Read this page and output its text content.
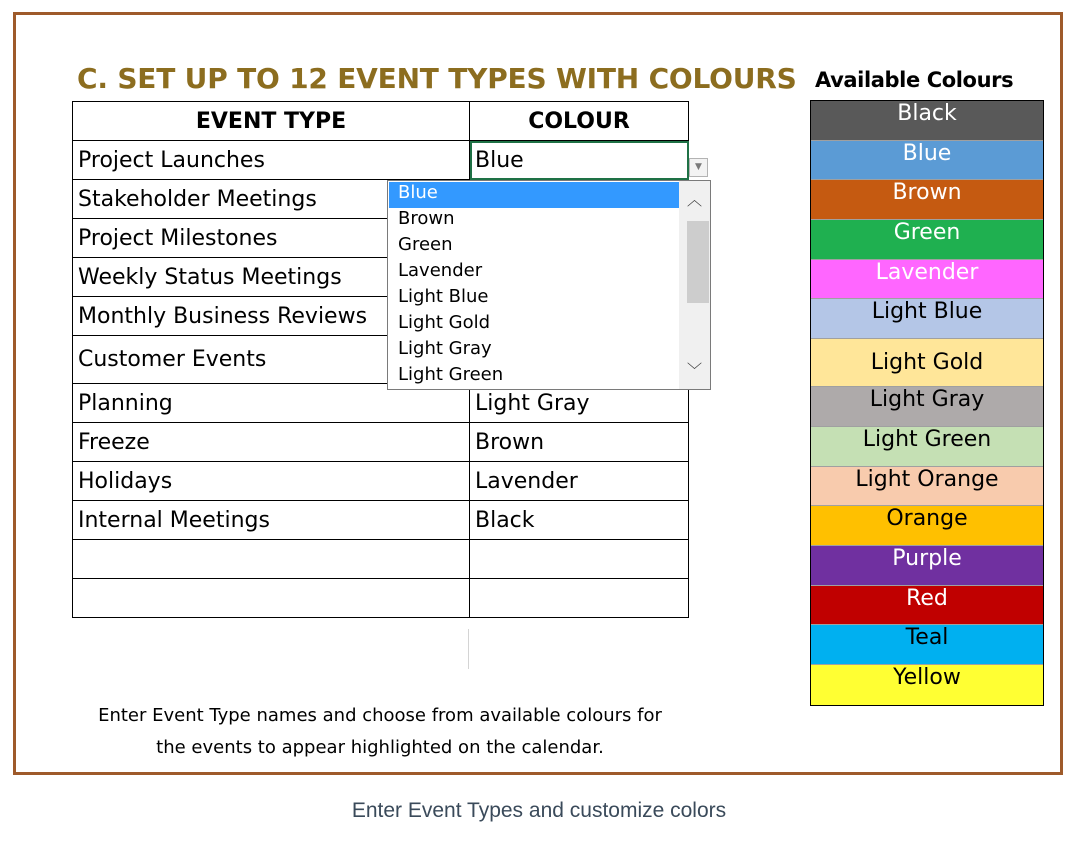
C. SET UP TO 12 EVENT TYPES WITH COLOURS Available Colours
EVENT TYPE	COLOUR
Project Launches	Blue
Stakeholder Meetings	
Project Milestones	
Weekly Status Meetings	
Monthly Business Reviews	
Customer Events	
Planning	Light Gray
Freeze	Brown
Holidays	Lavender
Internal Meetings	Black

▼
Blue
Brown
Green
Lavender
Light Blue
Light Gold
Light Gray
Light Green
︿
﹀
Black
Blue
Brown
Green
Lavender
Light Blue
Light Gold
Light Gray
Light Green
Light Orange
Orange
Purple
Red
Teal
Yellow
Enter Event Type names and choose from available colours for
the events to appear highlighted on the calendar.
Enter Event Types and customize colors
